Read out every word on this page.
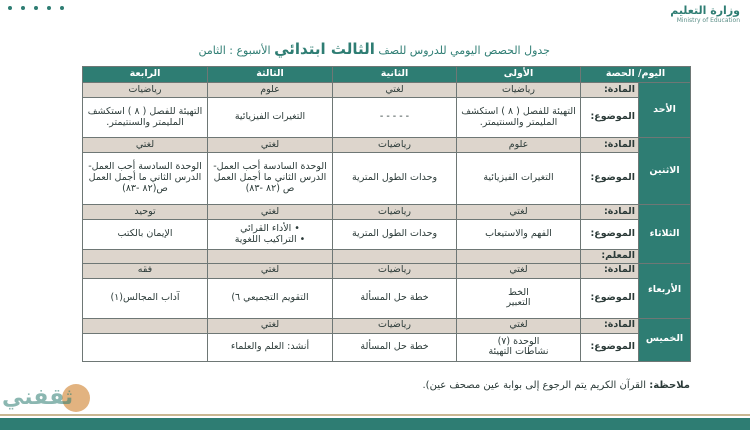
وزارة التعليم
Ministry of Education
جدول الحصص اليومي للدروس للصف الثالث ابتدائي الأسبوع : الثامن
اليوم/ الحصة		الأولى	الثانية	الثالثة	الرابعة
الأحد	المادة:	رياضيات	لغتي	علوم	رياضيات
	الموضوع:	التهيئة للفصل ( ٨ ) استكشف المليمتر والسنتيمتر.	- - - - -	التغيرات الفيزيائية	التهيئة للفصل ( ٨ ) استكشف المليمتر والسنتيمتر.
الاثنين	المادة:	علوم	رياضيات	لغتي	لغتي
	الموضوع:	التغيرات الفيزيائية	وحدات الطول المترية	الوحدة السادسة أحب العمل- الدرس الثاني ما أجمل العمل ص (٨٢ -٨٣)	الوحدة السادسة أحب العمل- الدرس الثاني ما أجمل العمل ص(٨٢ -٨٣)
الثلاثاء	المادة:	لغتي	رياضيات	لغتي	توحيد
	الموضوع:	الفهم والاستيعاب	وحدات الطول المترية	• الأداء القرائي
• التراكيب اللغوية	الإيمان بالكتب
	المعلم:				
الأربعاء	المادة:	لغتي	رياضيات	لغتي	فقه
	الموضوع:	الخط
التعبير	خطة حل المسألة	التقويم التجميعي ٦)	آداب المجالس(١)
الخميس	المادة:	لغتي	رياضيات	لغتي	
	الموضوع:	الوحدة (٧)
نشاطات التهيئة	خطة حل المسألة	أنشد: العلم والعلماء	
ملاحظة: القرآن الكريم يتم الرجوع إلى بوابة عين مصحف عين).
ثقفني
